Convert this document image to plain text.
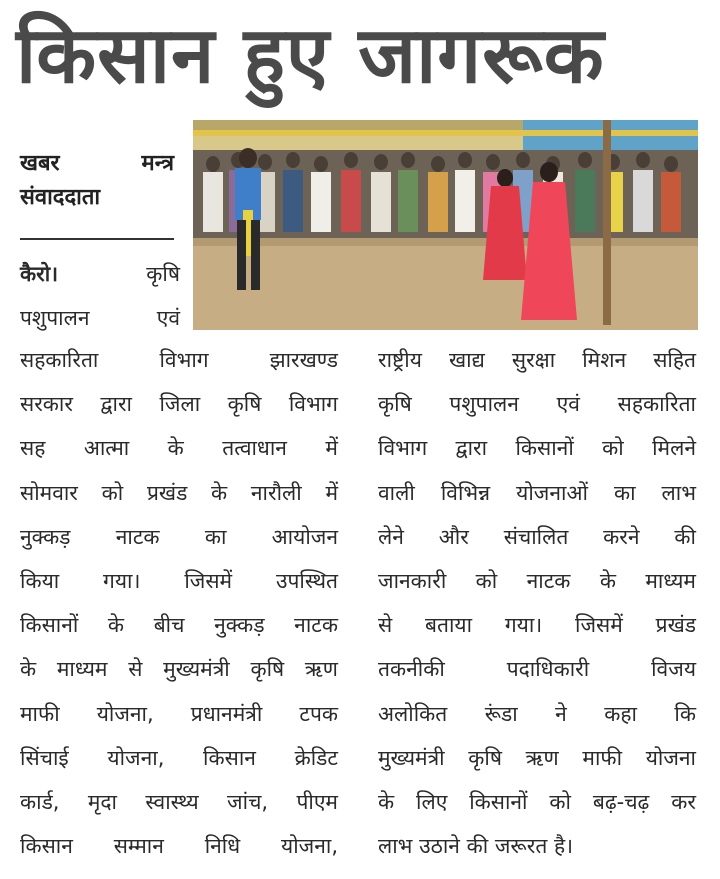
किसान हुए जागरूक
खबर	मन्त्र
संवाददाता
कैरो।	कृषि
पशुपालन एवं
सहकारिता विभाग झारखण्ड
सरकार द्वारा जिला कृषि विभाग
सह आत्मा के तत्वाधान में
सोमवार को प्रखंड के नारौली में
नुक्कड़ नाटक का आयोजन
किया गया। जिसमें उपस्थित
किसानों के बीच नुक्कड़ नाटक
के माध्यम से मुख्यमंत्री कृषि ऋण
माफी योजना, प्रधानमंत्री टपक
सिंचाई योजना, किसान क्रेडिट
कार्ड, मृदा स्वास्थ्य जांच, पीएम
किसान सम्मान निधि योजना,
राष्ट्रीय खाद्य सुरक्षा मिशन सहित
कृषि पशुपालन एवं सहकारिता
विभाग द्वारा किसानों को मिलने
वाली विभिन्न योजनाओं का लाभ
लेने और संचालित करने की
जानकारी को नाटक के माध्यम
से बताया गया। जिसमें प्रखंड
तकनीकी पदाधिकारी विजय
अलोकित रूंडा ने कहा कि
मुख्यमंत्री कृषि ऋण माफी योजना
के लिए किसानों को बढ़-चढ़ कर
लाभ उठाने की जरूरत है।
